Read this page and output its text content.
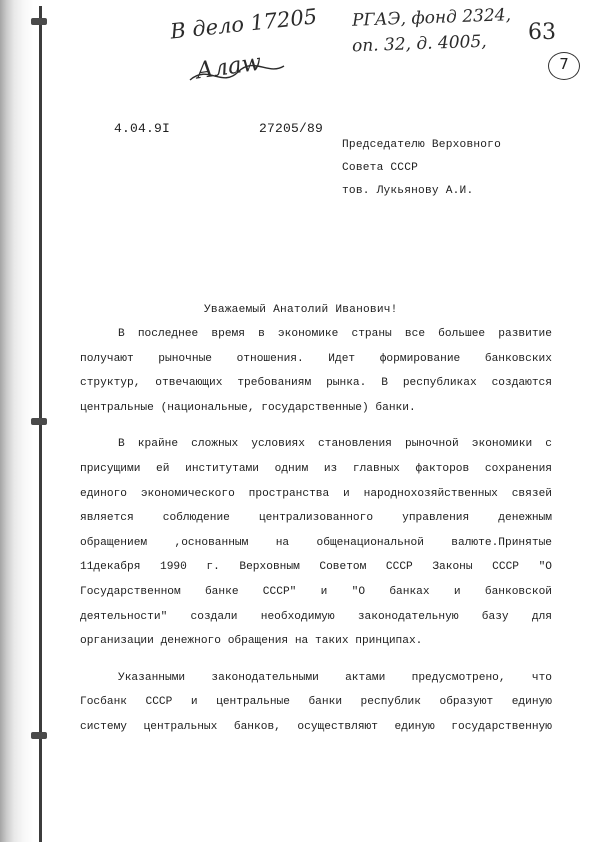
В дело 17205
Алаw
РГАЭ, фонд 2324,
оп. 32, д. 4005, 63
7
4.04.9I	27205/89
Председателю Верховного
Совета СССР
тов. Лукьянову А.И.
Уважаемый Анатолий Иванович!
В последнее время в экономике страны все большее развитие
получают рыночные отношения. Идет формирование банковских
структур, отвечающих требованиям рынка. В республиках создаются
центральные (национальные, государственные) банки.
В крайне сложных условиях становления рыночной экономики с
присущими ей институтами одним из главных факторов сохранения
единого экономического пространства и народнохозяйственных связей
является соблюдение централизованного управления денежным
обращением ,основанным на общенациональной валюте.Принятые
11декабря 1990 г. Верховным Советом СССР Законы СССР "О
Государственном банке СССР" и "О банках и банковской
деятельности" создали необходимую законодательную базу для
организации денежного обращения на таких принципах.
Указанными законодательными актами предусмотрено, что
Госбанк СССР и центральные банки республик образуют единую
систему центральных банков, осуществляют единую государственную
